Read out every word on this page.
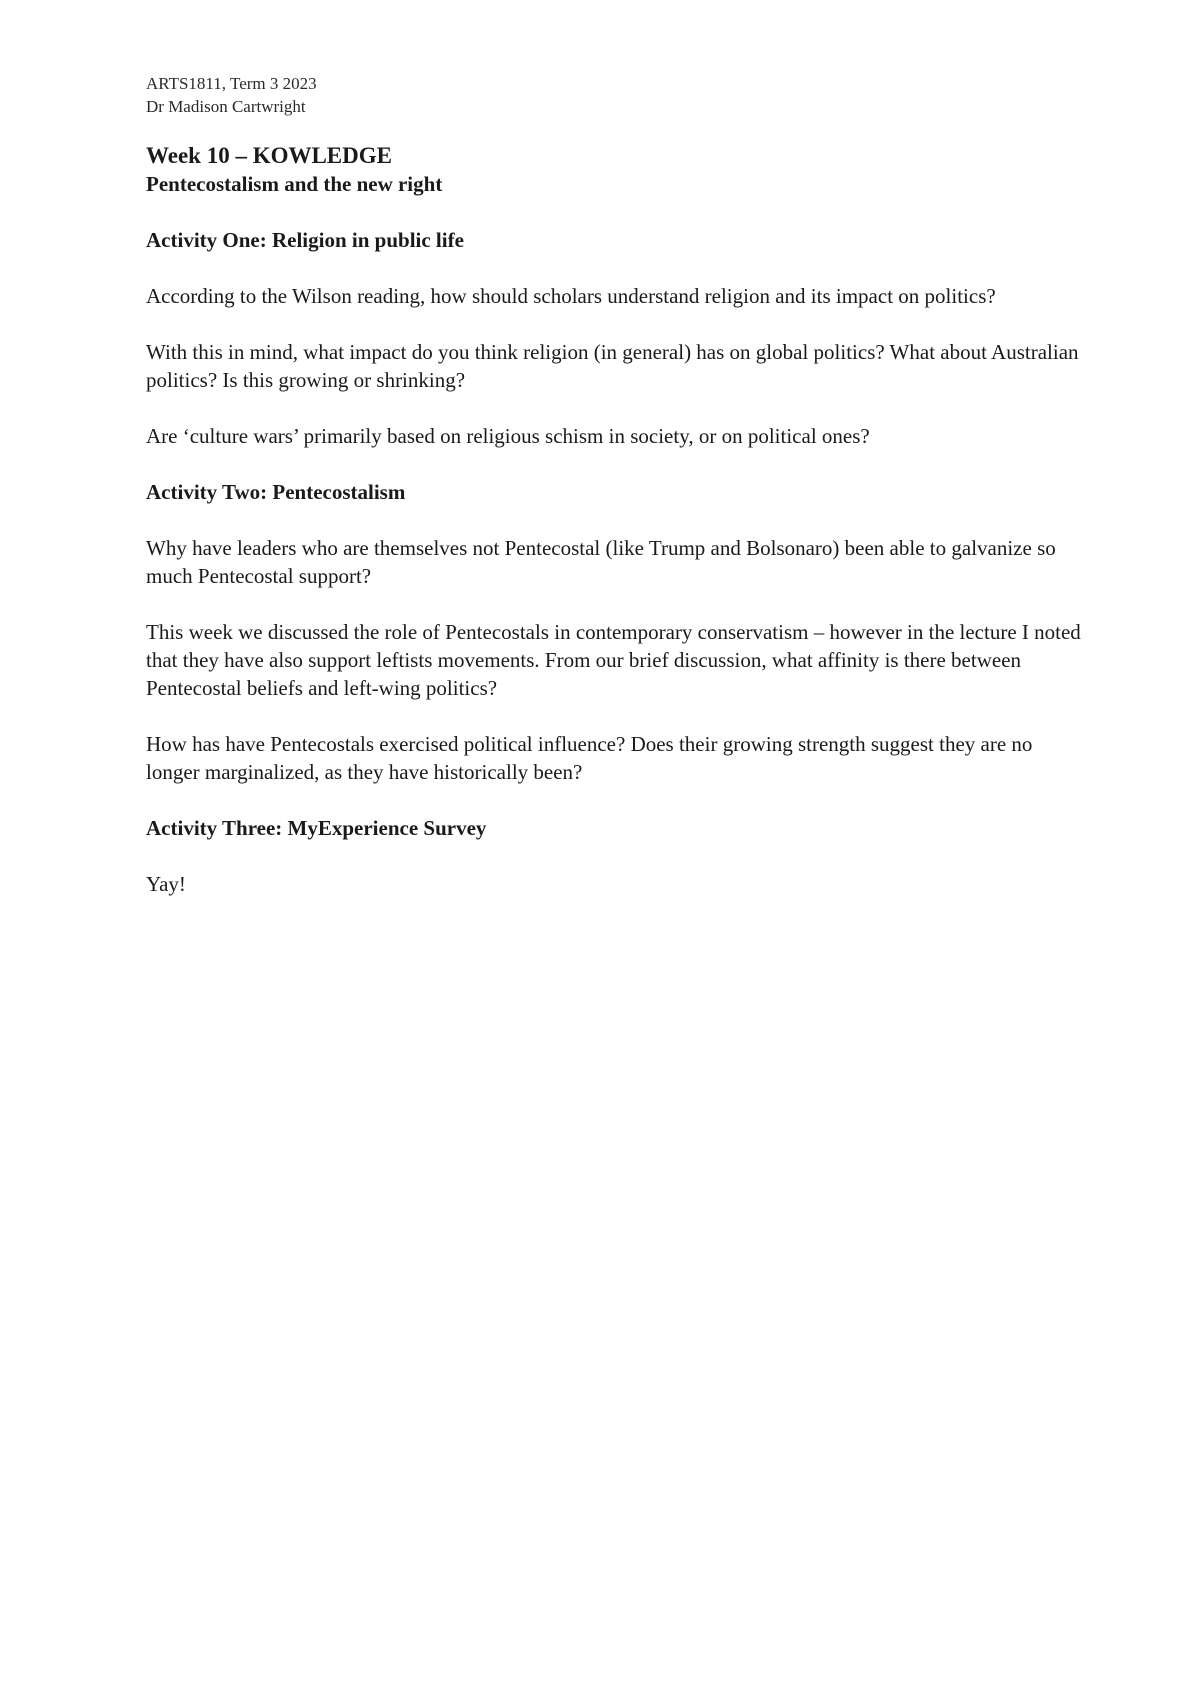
ARTS1811, Term 3 2023

Dr Madison Cartwright

Week 10 – KOWLEDGE
Pentecostalism and the new right
Activity One: Religion in public life

According to the Wilson reading, how should scholars understand religion and its impact on politics?

With this in mind, what impact do you think religion (in general) has on global politics? What about Australian politics? Is this growing or shrinking?

Are ‘culture wars’ primarily based on religious schism in society, or on political ones?

Activity Two: Pentecostalism

Why have leaders who are themselves not Pentecostal (like Trump and Bolsonaro) been able to galvanize so much Pentecostal support?

This week we discussed the role of Pentecostals in contemporary conservatism – however in the lecture I noted that they have also support leftists movements. From our brief discussion, what affinity is there between Pentecostal beliefs and left-wing politics?

How has have Pentecostals exercised political influence? Does their growing strength suggest they are no longer marginalized, as they have historically been?

Activity Three: MyExperience Survey

Yay!
